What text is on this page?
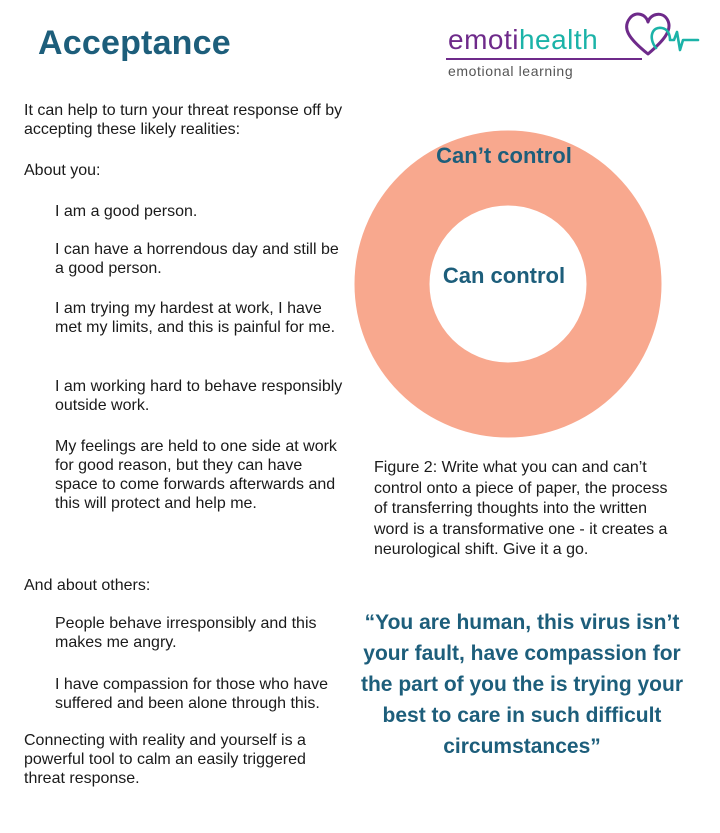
Acceptance	emotihealth
emotional learning
It can help to turn your threat response off by accepting these likely realities:
About you:
I am a good person.
I can have a horrendous day and still be a good person.
I am trying my hardest at work, I have met my limits, and this is painful for me.
I am working hard to behave responsibly outside work.
My feelings are held to one side at work for good reason, but they can have space to come forwards afterwards and this will protect and help me.
And about others:
People behave irresponsibly and this makes me angry.
I have compassion for those who have suffered and been alone through this.
Connecting with reality and yourself is a powerful tool to calm an easily triggered threat response.
Can’t control
Can control
Figure 2: Write what you can and can’t control onto a piece of paper, the process of transferring thoughts into the written word is a transformative one - it creates a neurological shift. Give it a go.
“You are human, this virus isn’t your fault, have compassion for the part of you the is trying your best to care in such difficult circumstances”
